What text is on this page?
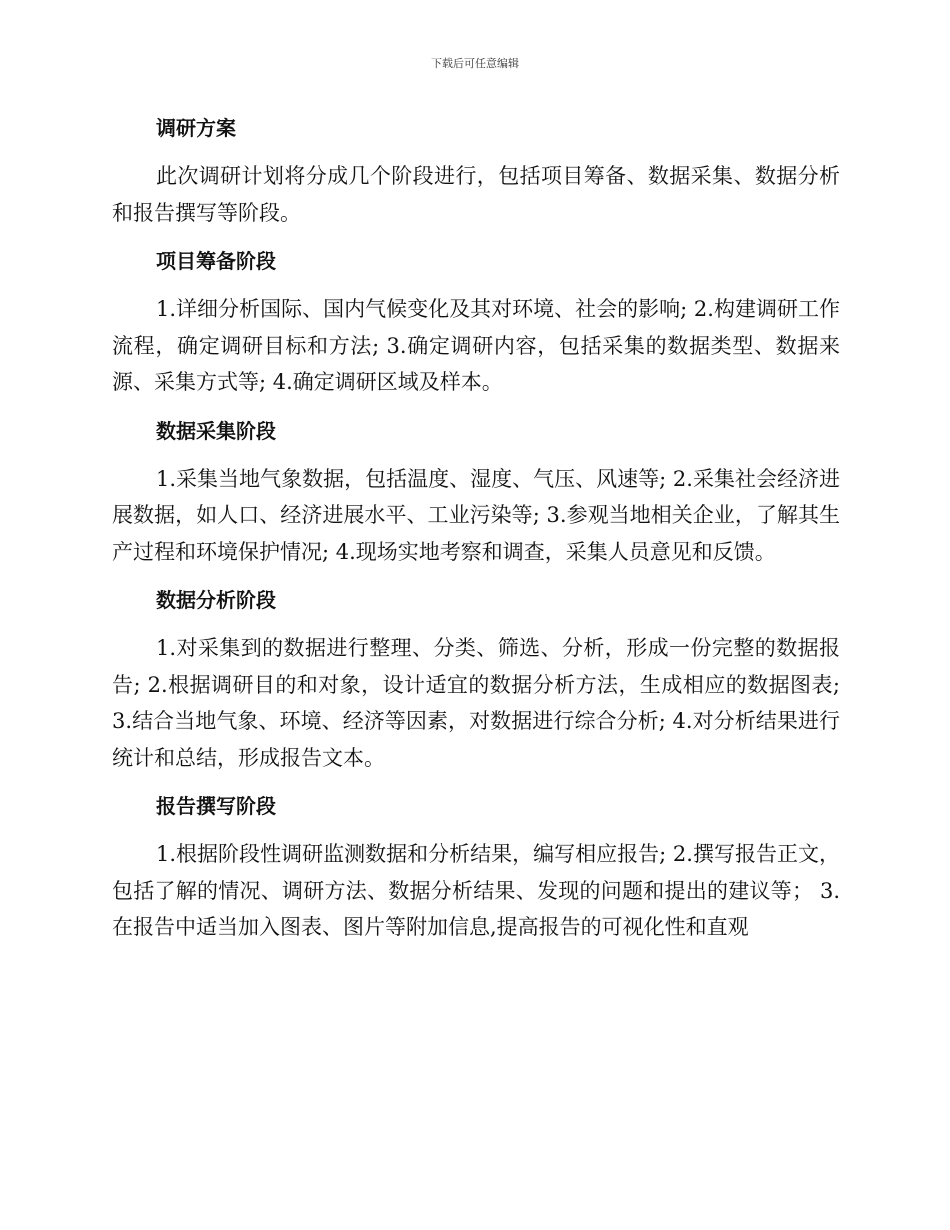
下载后可任意编辑
调研方案

此次调研计划将分成几个阶段进行，包括项目筹备、数据采集、数据分析和报告撰写等阶段。

项目筹备阶段

1.详细分析国际、国内气候变化及其对环境、社会的影响; 2.构建调研工作流程，确定调研目标和方法; 3.确定调研内容，包括采集的数据类型、数据来源、采集方式等; 4.确定调研区域及样本。

数据采集阶段

1.采集当地气象数据，包括温度、湿度、气压、风速等; 2.采集社会经济进展数据，如人口、经济进展水平、工业污染等; 3.参观当地相关企业，了解其生产过程和环境保护情况; 4.现场实地考察和调查，采集人员意见和反馈。

数据分析阶段

1.对采集到的数据进行整理、分类、筛选、分析，形成一份完整的数据报告; 2.根据调研目的和对象，设计适宜的数据分析方法，生成相应的数据图表; 3.结合当地气象、环境、经济等因素，对数据进行综合分析; 4.对分析结果进行统计和总结，形成报告文本。

报告撰写阶段

1.根据阶段性调研监测数据和分析结果，编写相应报告; 2.撰写报告正文，包括了解的情况、调研方法、数据分析结果、发现的问题和提出的建议等； 3.在报告中适当加入图表、图片等附加信息,提高报告的可视化性和直观
